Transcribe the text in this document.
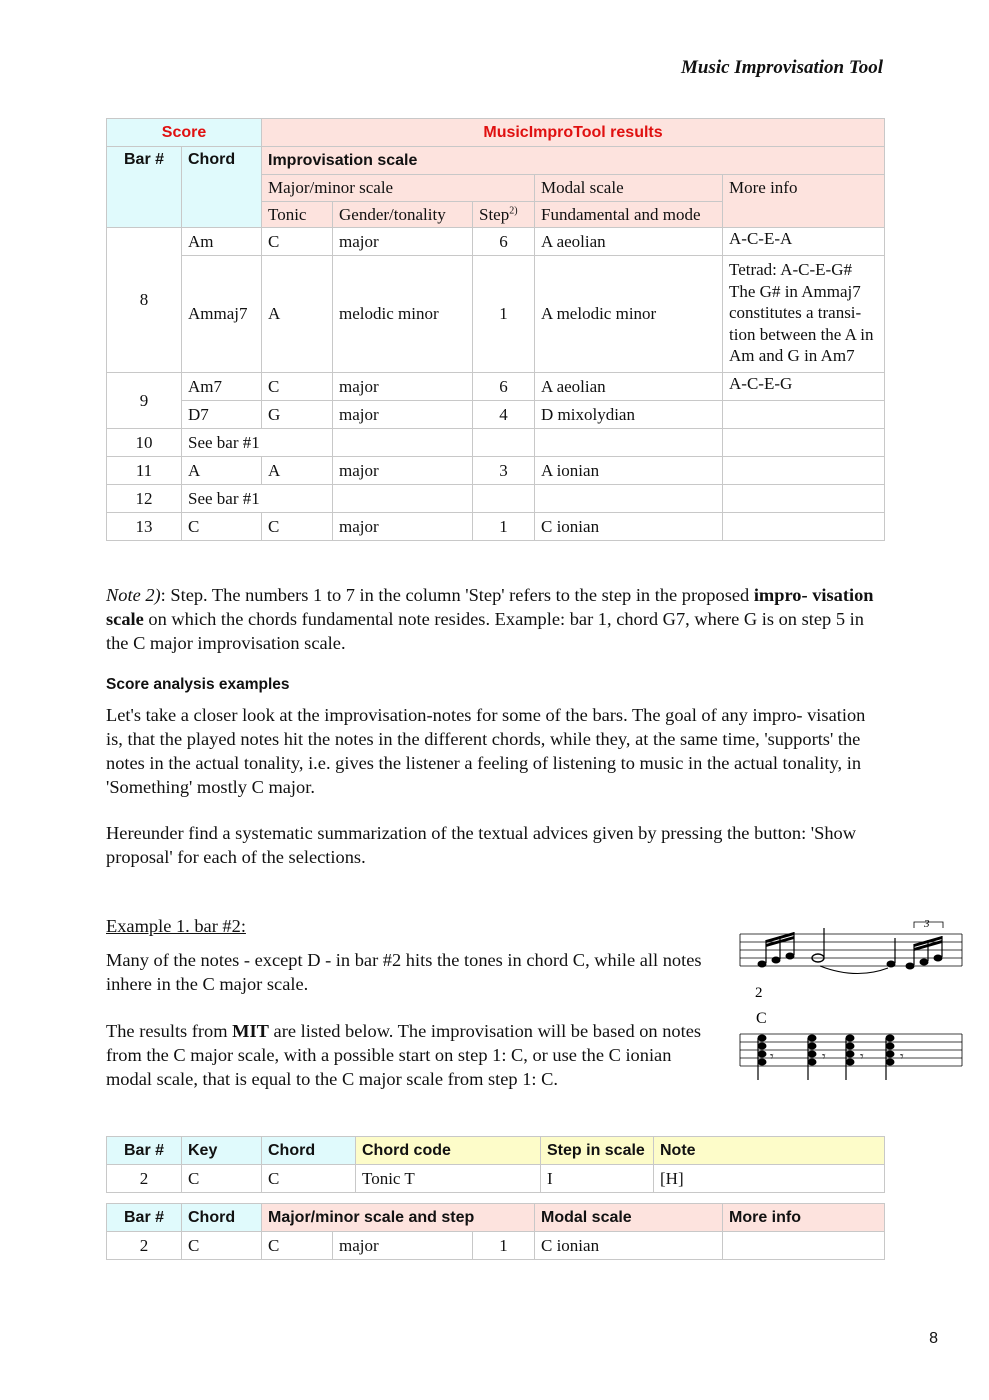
Music Improvisation Tool
Score		MusicImproTool results				
Bar #	Chord	Improvisation scale				
		Major/minor scale			Modal scale	More info
		Tonic	Gender/tonality	Step$^{2)}$	Fundamental and mode	
8	Am	C	major	6	A aeolian	A-C-E-A
	Ammaj7	A	melodic minor	1	A melodic minor	Tetrad: A-C-E-G# The G# in Ammaj7 constitutes a transi- tion between the A in Am and G in Am7

9	Am7	C	major	6	A aeolian	A-C-E-G
	D7	G	major	4	D mixolydian	
10	See bar #1					
11	A	A	major	3	A ionian	
12	See bar #1					
13	C	C	major	1	C ionian	
Note 2): Step. The numbers 1 to 7 in the column 'Step' refers to the step in the proposed impro- visation scale on which the chords fundamental note resides. Example: bar 1, chord G7, where G is on step 5 in the C major improvisation scale.
Score analysis examples
Let's take a closer look at the improvisation-notes for some of the bars. The goal of any impro- visation is, that the played notes hit the notes in the different chords, while they, at the same time, 'supports' the notes in the actual tonality, i.e. gives the listener a feeling of listening to music in the actual tonality, in 'Something' mostly C major.
Hereunder find a systematic summarization of the textual advices given by pressing the button: 'Show proposal' for each of the selections.
Example 1. bar #2:
Many of the notes - except D - in bar #2 hits the tones in chord C, while all notes inhere in the C major scale.
The results from MIT are listed below. The improvisation will be based on notes from the C major scale, with a possible start on step 1: C, or use the C ionian modal scale, that is equal to the C major scale from step 1: C.
3
2
C
𝄾	𝄾 𝄾	𝄾
Bar #	Key	Chord	Chord code	Step in scale	Note
2	C	C	Tonic T	I	[H]
Bar #	Chord	Major/minor scale and step			Modal scale	More info
2	C	C	major	1	C ionian	
8
